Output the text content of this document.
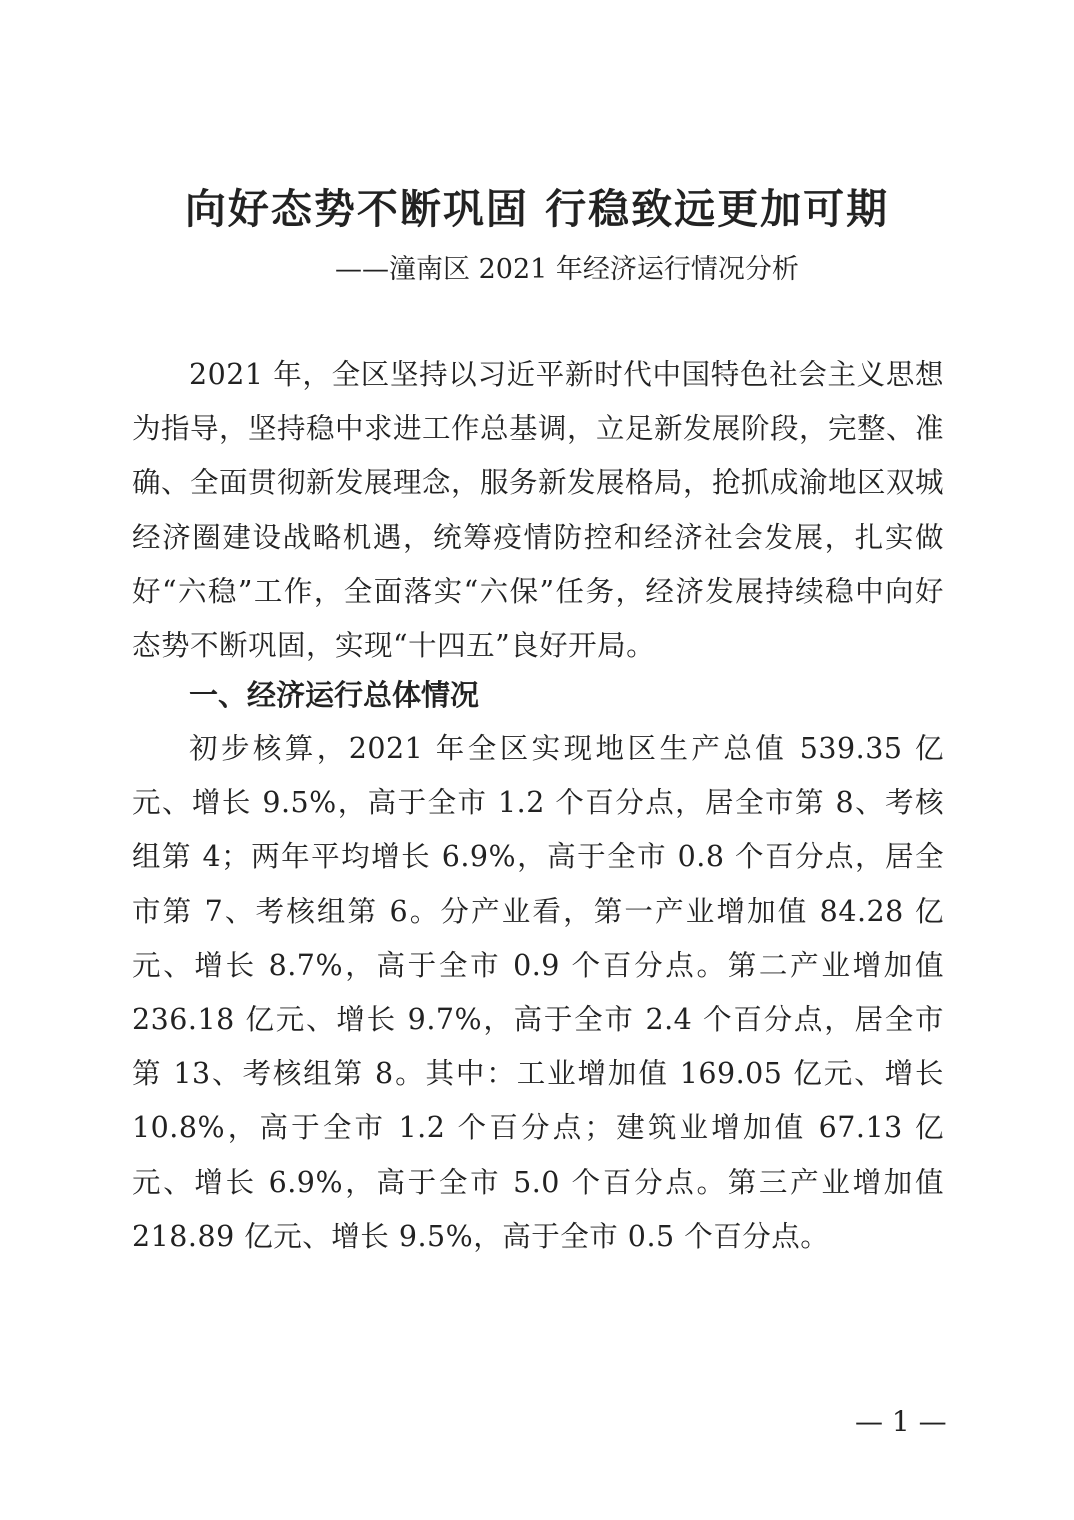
向好态势不断巩固 行稳致远更加可期

——潼南区 2021 年经济运行情况分析

2021 年，全区坚持以习近平新时代中国特色社会主义思想为指导，坚持稳中求进工作总基调，立足新发展阶段，完整、准确、全面贯彻新发展理念，服务新发展格局，抢抓成渝地区双城经济圈建设战略机遇，统筹疫情防控和经济社会发展，扎实做好“六稳”工作，全面落实“六保”任务，经济发展持续稳中向好态势不断巩固，实现“十四五”良好开局。

一、经济运行总体情况

初步核算，2021 年全区实现地区生产总值 539.35 亿元、增长 9.5%，高于全市 1.2 个百分点，居全市第 8、考核组第 4；两年平均增长 6.9%，高于全市 0.8 个百分点，居全市第 7、考核组第 6。分产业看，第一产业增加值 84.28 亿元、增长 8.7%，高于全市 0.9 个百分点。第二产业增加值 236.18 亿元、增长 9.7%，高于全市 2.4 个百分点，居全市第 13、考核组第 8。其中：工业增加值 169.05 亿元、增长 10.8%，高于全市 1.2 个百分点；建筑业增加值 67.13 亿元、增长 6.9%，高于全市 5.0 个百分点。第三产业增加值 218.89 亿元、增长 9.5%，高于全市 0.5 个百分点。

— 1 —
